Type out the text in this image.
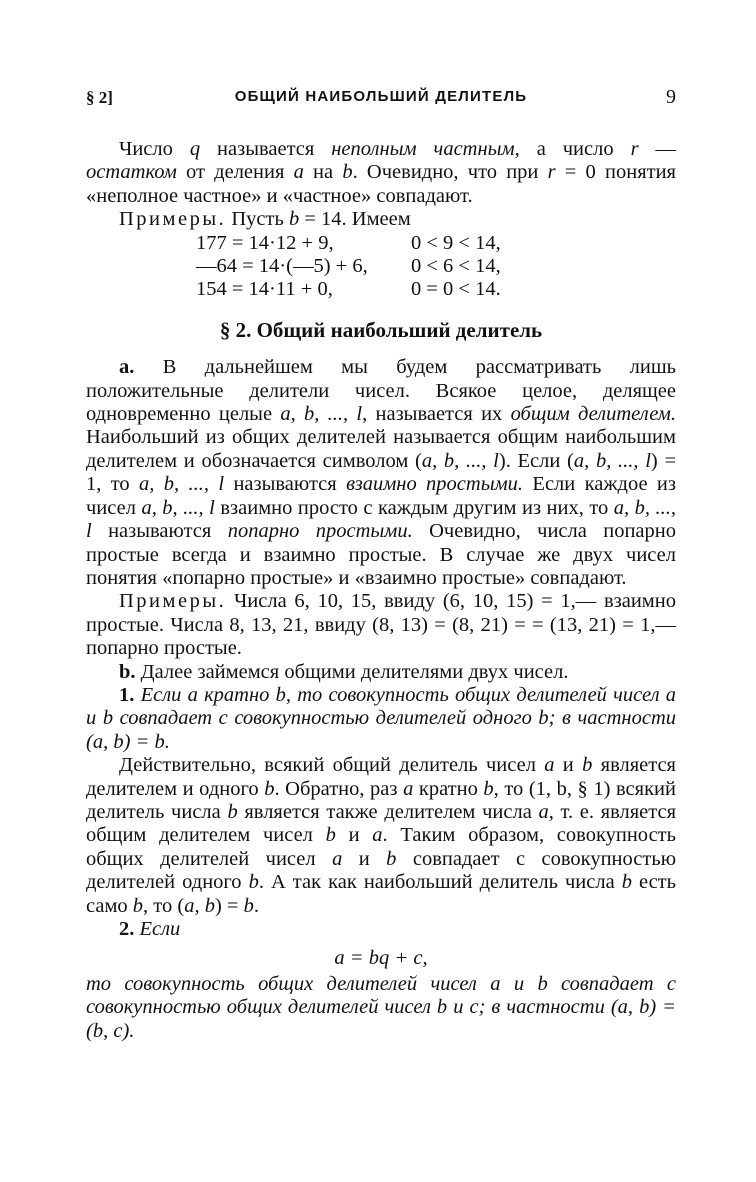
§ 2]	ОБЩИЙ НАИБОЛЬШИЙ ДЕЛИТЕЛЬ	9

Число q называется неполным частным, а число r — остатком от деления a на b. Очевидно, что при r = 0 понятия «неполное частное» и «частное» совпадают.

Примеры. Пусть b = 14. Имеем

177 = 14·12 + 9,	0 < 9 < 14,
—64 = 14·(—5) + 6,	0 < 6 < 14,
154 = 14·11 + 0,	0 = 0 < 14.
§ 2. Общий наибольший делитель

a. В дальнейшем мы будем рассматривать лишь положительные делители чисел. Всякое целое, делящее одновременно целые a, b, ..., l, называется их общим делителем. Наибольший из общих делителей называется общим наибольшим делителем и обозначается символом (a, b, ..., l). Если (a, b, ..., l) = 1, то a, b, ..., l называются взаимно простыми. Если каждое из чисел a, b, ..., l взаимно просто с каждым другим из них, то a, b, ..., l называются попарно простыми. Очевидно, числа попарно простые всегда и взаимно простые. В случае же двух чисел понятия «попарно простые» и «взаимно простые» совпадают.

Примеры. Числа 6, 10, 15, ввиду (6, 10, 15) = 1,— взаимно простые. Числа 8, 13, 21, ввиду (8, 13) = (8, 21) = = (13, 21) = 1,— попарно простые.

b. Далее займемся общими делителями двух чисел.

1. Если a кратно b, то совокупность общих делителей чисел a и b совпадает с совокупностью делителей одного b; в частности (a, b) = b.

Действительно, всякий общий делитель чисел a и b является делителем и одного b. Обратно, раз a кратно b, то (1, b, § 1) всякий делитель числа b является также делителем числа a, т. е. является общим делителем чисел b и a. Таким образом, совокупность общих делителей чисел a и b совпадает с совокупностью делителей одного b. А так как наибольший делитель числа b есть само b, то (a, b) = b.

2. Если

a = bq + c,

то совокупность общих делителей чисел a и b совпадает с совокупностью общих делителей чисел b и c; в частности (a, b) = (b, c).
